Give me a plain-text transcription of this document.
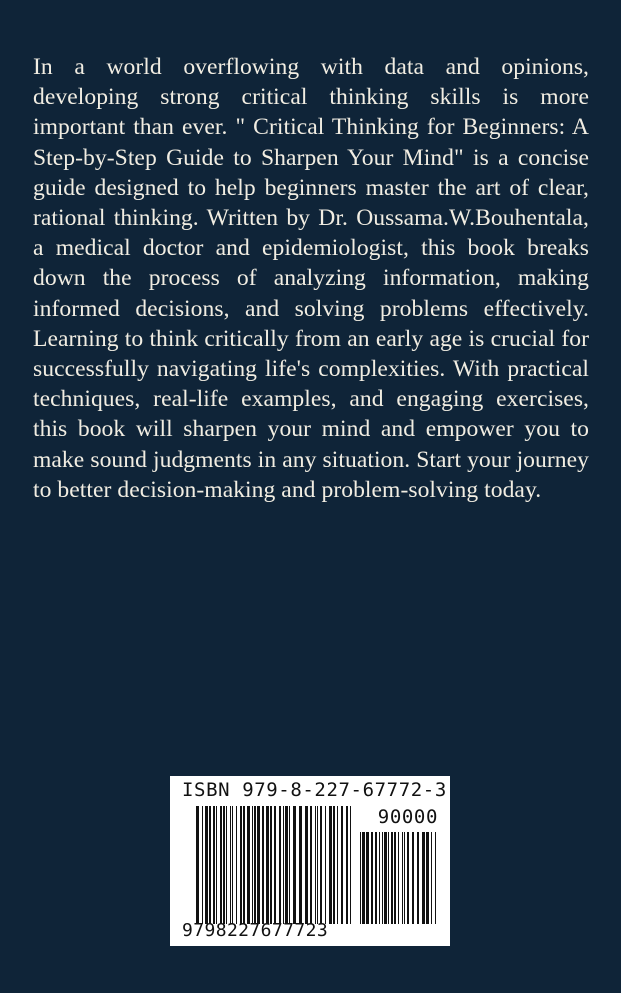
In a world overflowing with data and opinions, developing strong critical thinking skills is more important than ever. " Critical Thinking for Beginners: A Step-by-Step Guide to Sharpen Your Mind" is a concise guide designed to help beginners master the art of clear, rational thinking. Written by Dr. Oussama.W.Bouhentala, a medical doctor and epidemiologist, this book breaks down the process of analyzing information, making informed decisions, and solving problems effectively. Learning to think critically from an early age is crucial for successfully navigating life's complexities. With practical techniques, real-life examples, and engaging exercises, this book will sharpen your mind and empower you to make sound judgments in any situation. Start your journey to better decision-making and problem-solving today.

ISBN 979-8-227-67772-3
90000
9798227677723
